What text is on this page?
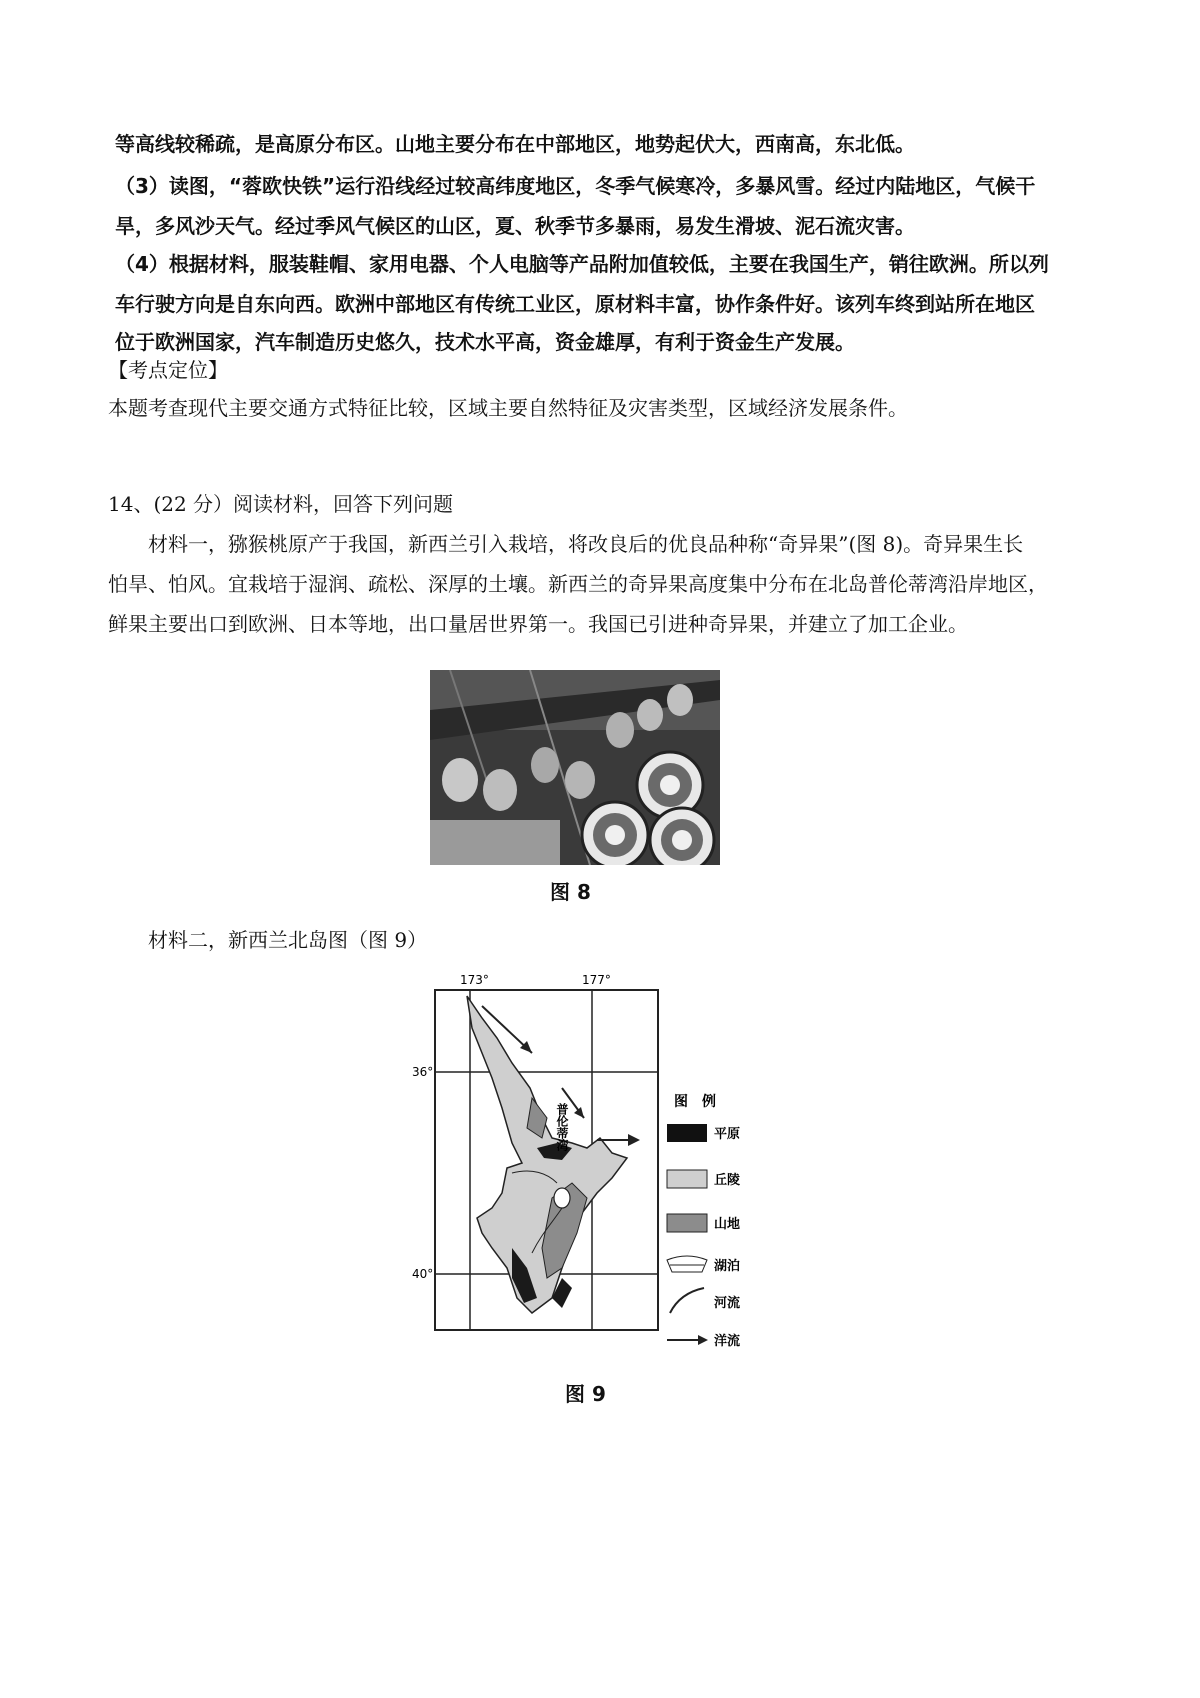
等高线较稀疏，是高原分布区。山地主要分布在中部地区，地势起伏大，西南高，东北低。
（3）读图，“蓉欧快铁”运行沿线经过较高纬度地区，冬季气候寒冷，多暴风雪。经过内陆地区，气候干
旱，多风沙天气。经过季风气候区的山区，夏、秋季节多暴雨，易发生滑坡、泥石流灾害。
（4）根据材料，服装鞋帽、家用电器、个人电脑等产品附加值较低，主要在我国生产，销往欧洲。所以列
车行驶方向是自东向西。欧洲中部地区有传统工业区，原材料丰富，协作条件好。该列车终到站所在地区
位于欧洲国家，汽车制造历史悠久，技术水平高，资金雄厚，有利于资金生产发展。
【考点定位】
本题考查现代主要交通方式特征比较，区域主要自然特征及灾害类型，区域经济发展条件。
14、(22 分）阅读材料，回答下列问题
材料一，猕猴桃原产于我国，新西兰引入栽培，将改良后的优良品种称“奇异果”(图 8)。奇异果生长
怕旱、怕风。宜栽培于湿润、疏松、深厚的土壤。新西兰的奇异果高度集中分布在北岛普伦蒂湾沿岸地区，
鲜果主要出口到欧洲、日本等地，出口量居世界第一。我国已引进种奇异果，并建立了加工企业。
图 8
材料二，新西兰北岛图（图 9）
173°	177°
36°
40°
普伦蒂湾
图　例
平原
丘陵
山地
湖泊
河流
洋流
图 9
